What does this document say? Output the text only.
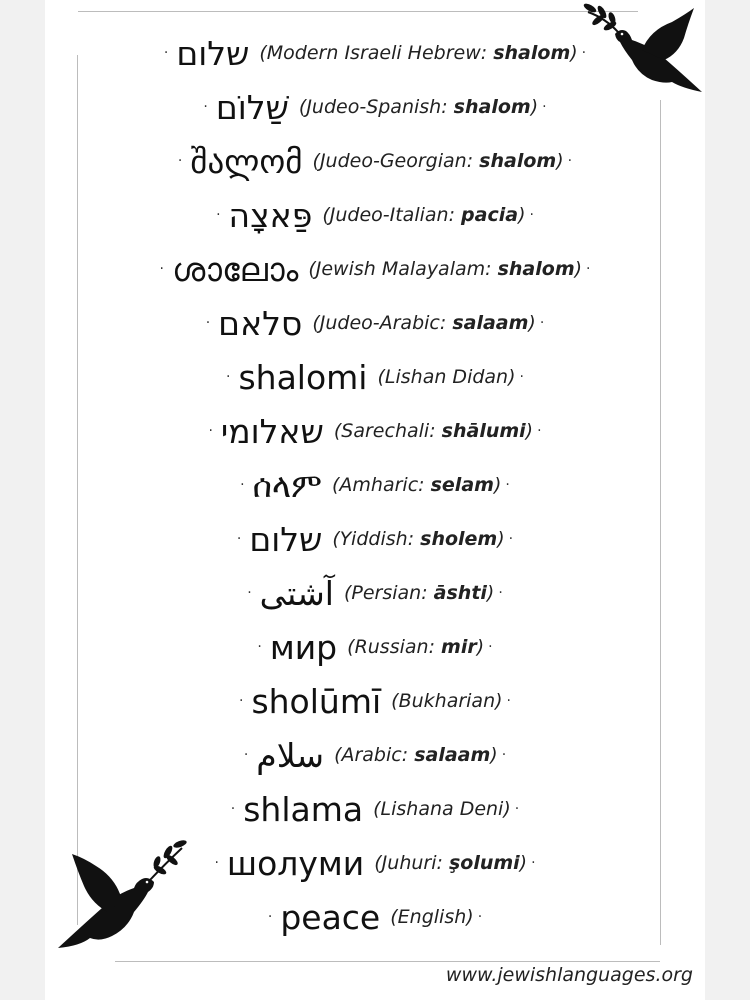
· שלום (Modern Israeli Hebrew: shalom) ·
· שַׁלוֹם (Judeo-Spanish: shalom) ·
· შალომ (Judeo-Georgian: shalom) ·
· פַּאצָה (Judeo-Italian: pacia) ·
· ശാലോം (Jewish Malayalam: shalom) ·
· סלאם (Judeo-Arabic: salaam) ·
· shalomi (Lishan Didan) ·
· שאלומי (Sarechali: shālumi) ·
· ሰላም (Amharic: selam) ·
· שלום (Yiddish: sholem) ·
· آشتی (Persian: āshti) ·
· мир (Russian: mir) ·
· sholūmī (Bukharian) ·
· سلام (Arabic: salaam) ·
· shlama (Lishana Deni) ·
· шолуми (Juhuri: şolumi) ·
· peace (English) ·
www.jewishlanguages.org
